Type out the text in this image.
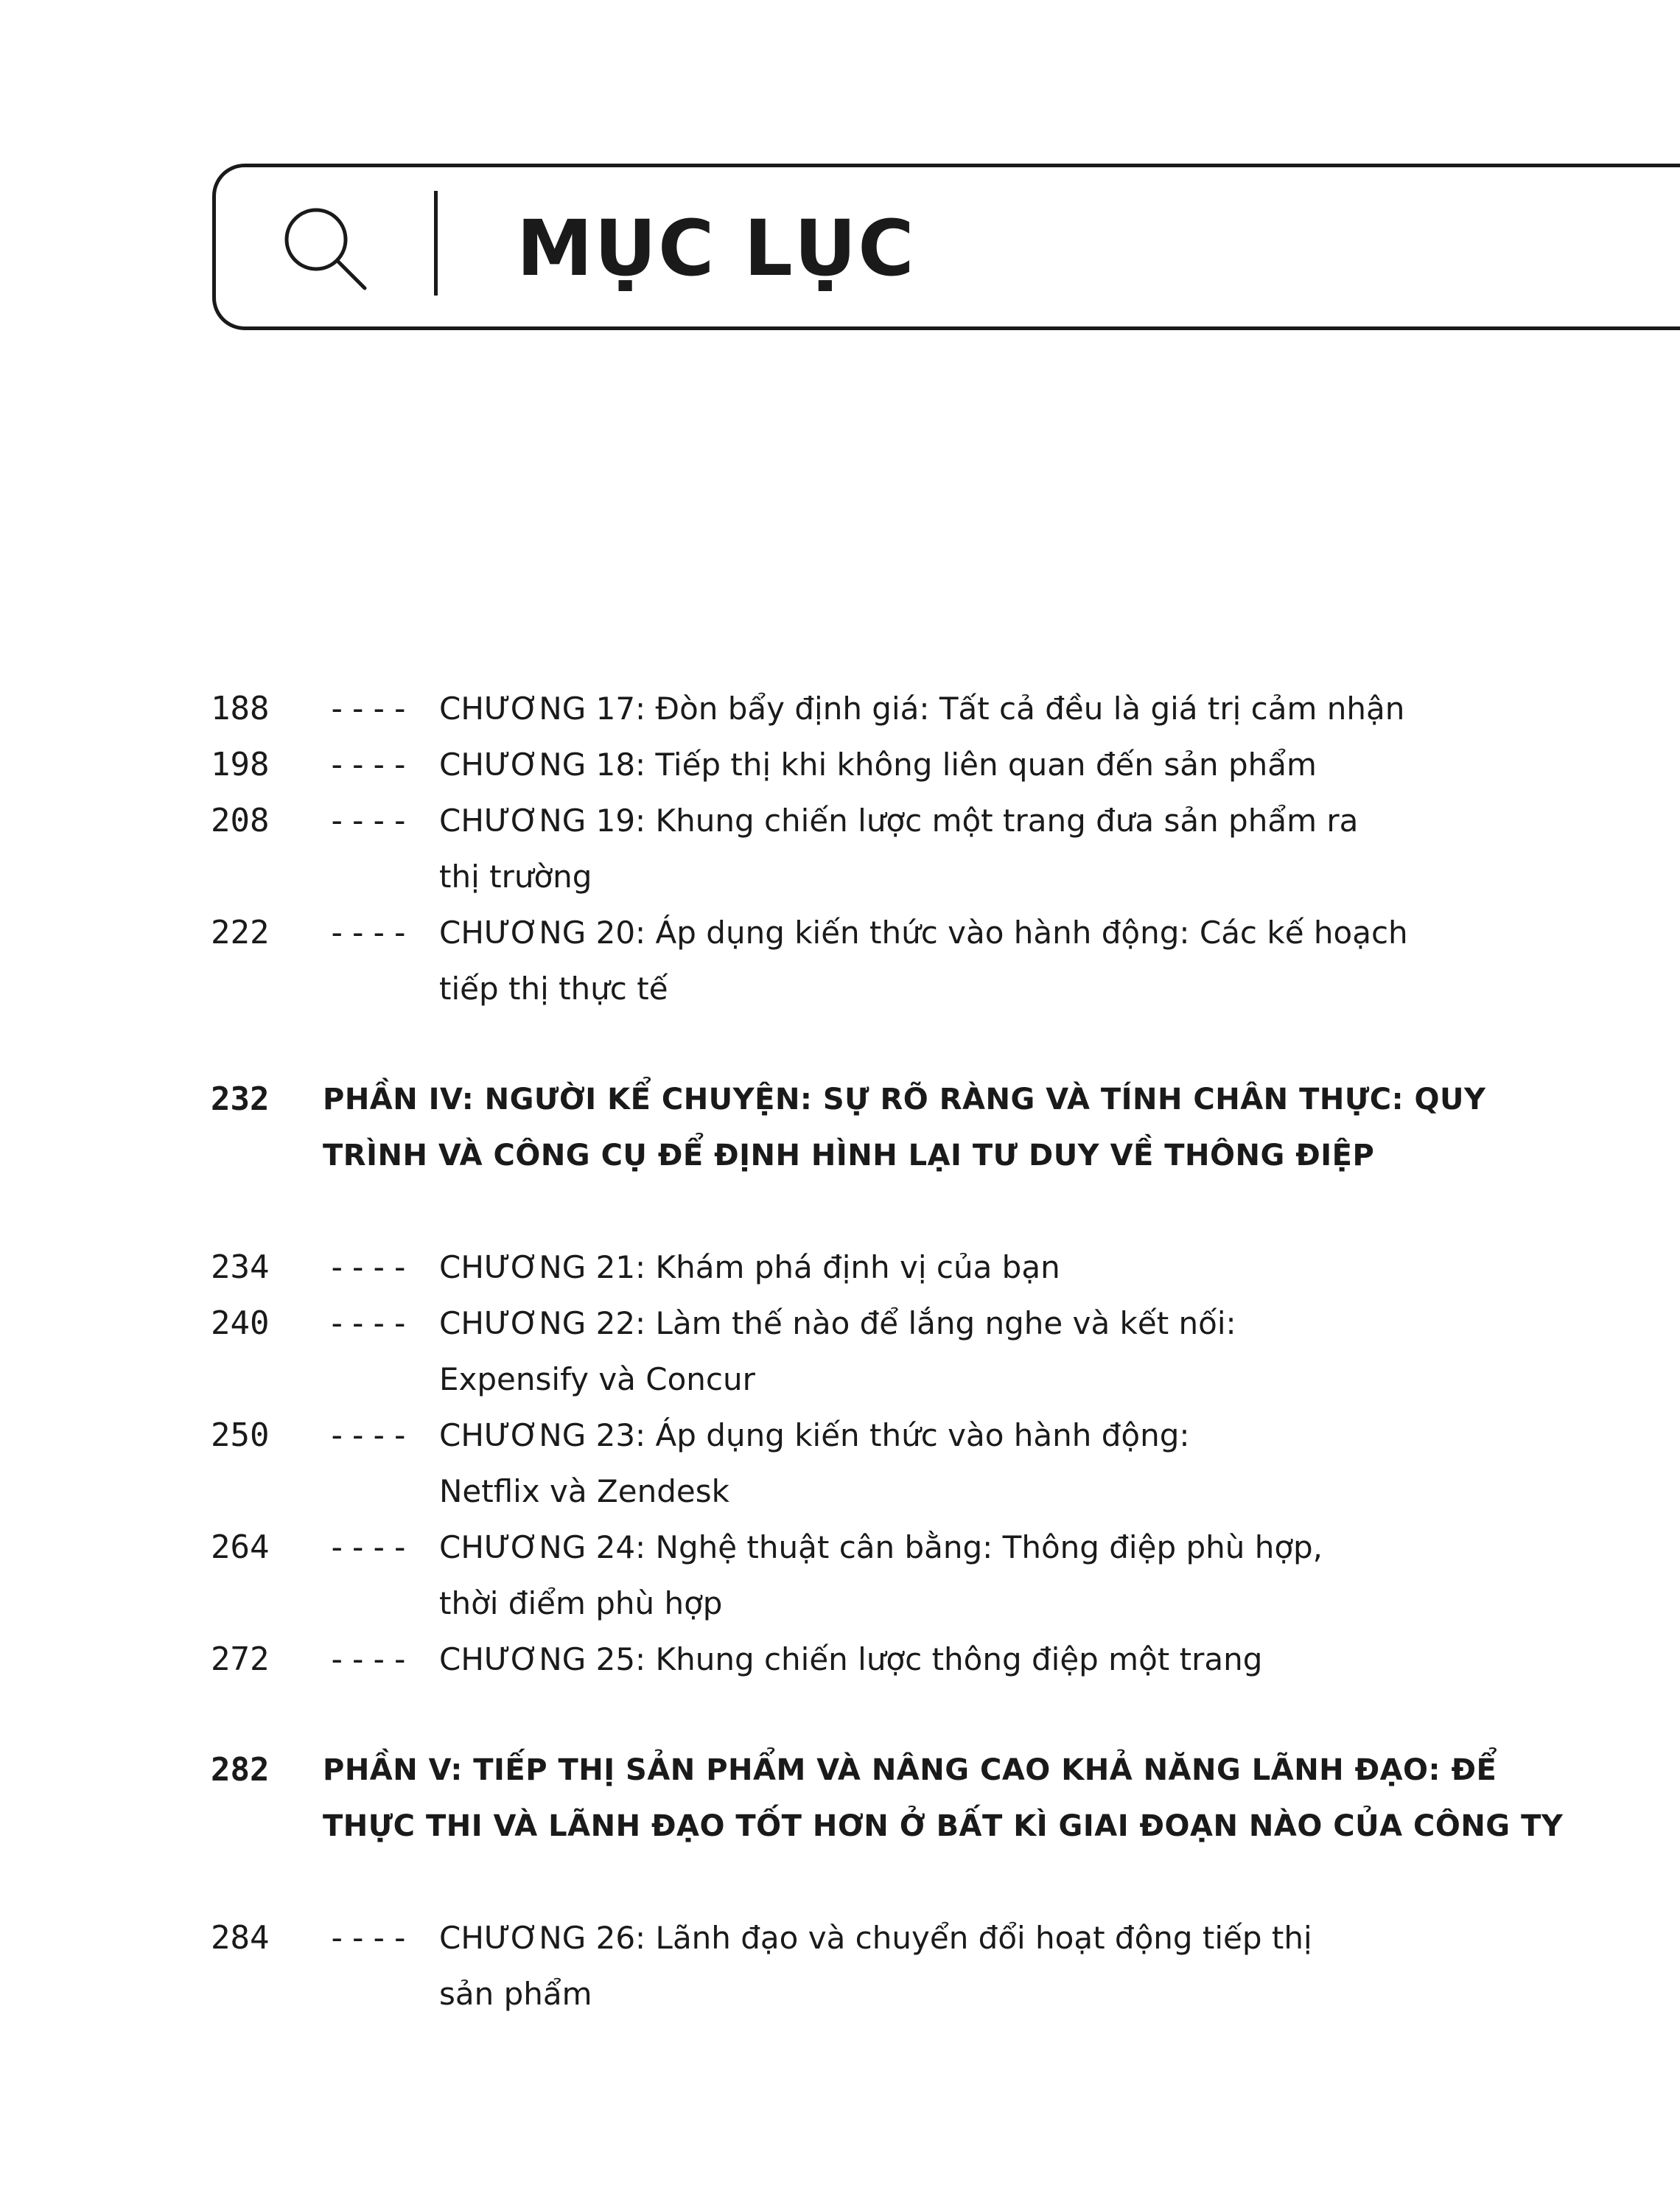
MỤC LỤC
188 ---- CHƯƠNG 17: Đòn bẩy định giá: Tất cả đều là giá trị cảm nhận
198 ---- CHƯƠNG 18: Tiếp thị khi không liên quan đến sản phẩm
208 ---- CHƯƠNG 19: Khung chiến lược một trang đưa sản phẩm ra
thị trường
222 ---- CHƯƠNG 20: Áp dụng kiến thức vào hành động: Các kế hoạch
tiếp thị thực tế
232 PHẦN IV: NGƯỜI KỂ CHUYỆN: SỰ RÕ RÀNG VÀ TÍNH CHÂN THỰC: QUY
TRÌNH VÀ CÔNG CỤ ĐỂ ĐỊNH HÌNH LẠI TƯ DUY VỀ THÔNG ĐIỆP
234 ---- CHƯƠNG 21: Khám phá định vị của bạn
240 ---- CHƯƠNG 22: Làm thế nào để lắng nghe và kết nối:
Expensify và Concur
250 ---- CHƯƠNG 23: Áp dụng kiến thức vào hành động:
Netflix và Zendesk
264 ---- CHƯƠNG 24: Nghệ thuật cân bằng: Thông điệp phù hợp,
thời điểm phù hợp
272 ---- CHƯƠNG 25: Khung chiến lược thông điệp một trang
282 PHẦN V: TIẾP THỊ SẢN PHẨM VÀ NÂNG CAO KHẢ NĂNG LÃNH ĐẠO: ĐỂ
THỰC THI VÀ LÃNH ĐẠO TỐT HƠN Ở BẤT KÌ GIAI ĐOẠN NÀO CỦA CÔNG TY
284 ---- CHƯƠNG 26: Lãnh đạo và chuyển đổi hoạt động tiếp thị
sản phẩm
